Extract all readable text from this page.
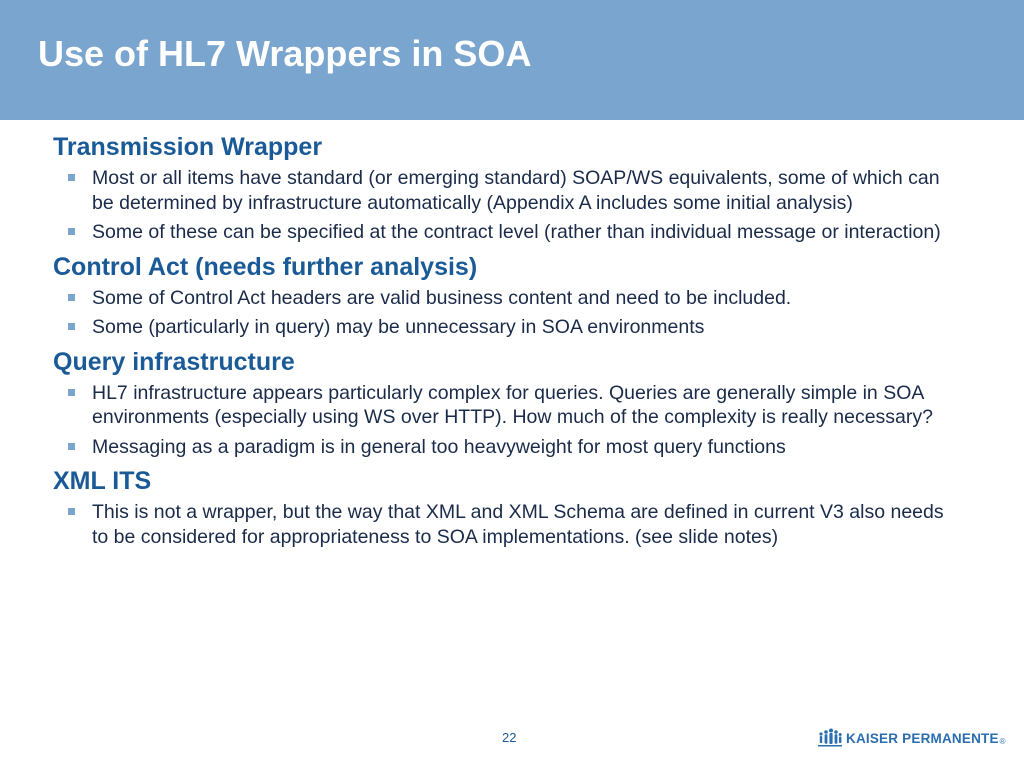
Use of HL7 Wrappers in SOA
Transmission Wrapper
Most or all items have standard (or emerging standard) SOAP/WS equivalents, some of which can be determined by infrastructure automatically (Appendix A includes some initial analysis)
Some of these can be specified at the contract level (rather than individual message or interaction)
Control Act (needs further analysis)
Some of Control Act headers are valid business content and need to be included.
Some (particularly in query) may be unnecessary in SOA environments
Query infrastructure
HL7 infrastructure appears particularly complex for queries. Queries are generally simple in SOA environments (especially using WS over HTTP). How much of the complexity is really necessary?
Messaging as a paradigm is in general too heavyweight for most query functions
XML ITS
This is not a wrapper, but the way that XML and XML Schema are defined in current V3 also needs to be considered for appropriateness to SOA implementations. (see slide notes)
22	KAISER PERMANENTE ®
